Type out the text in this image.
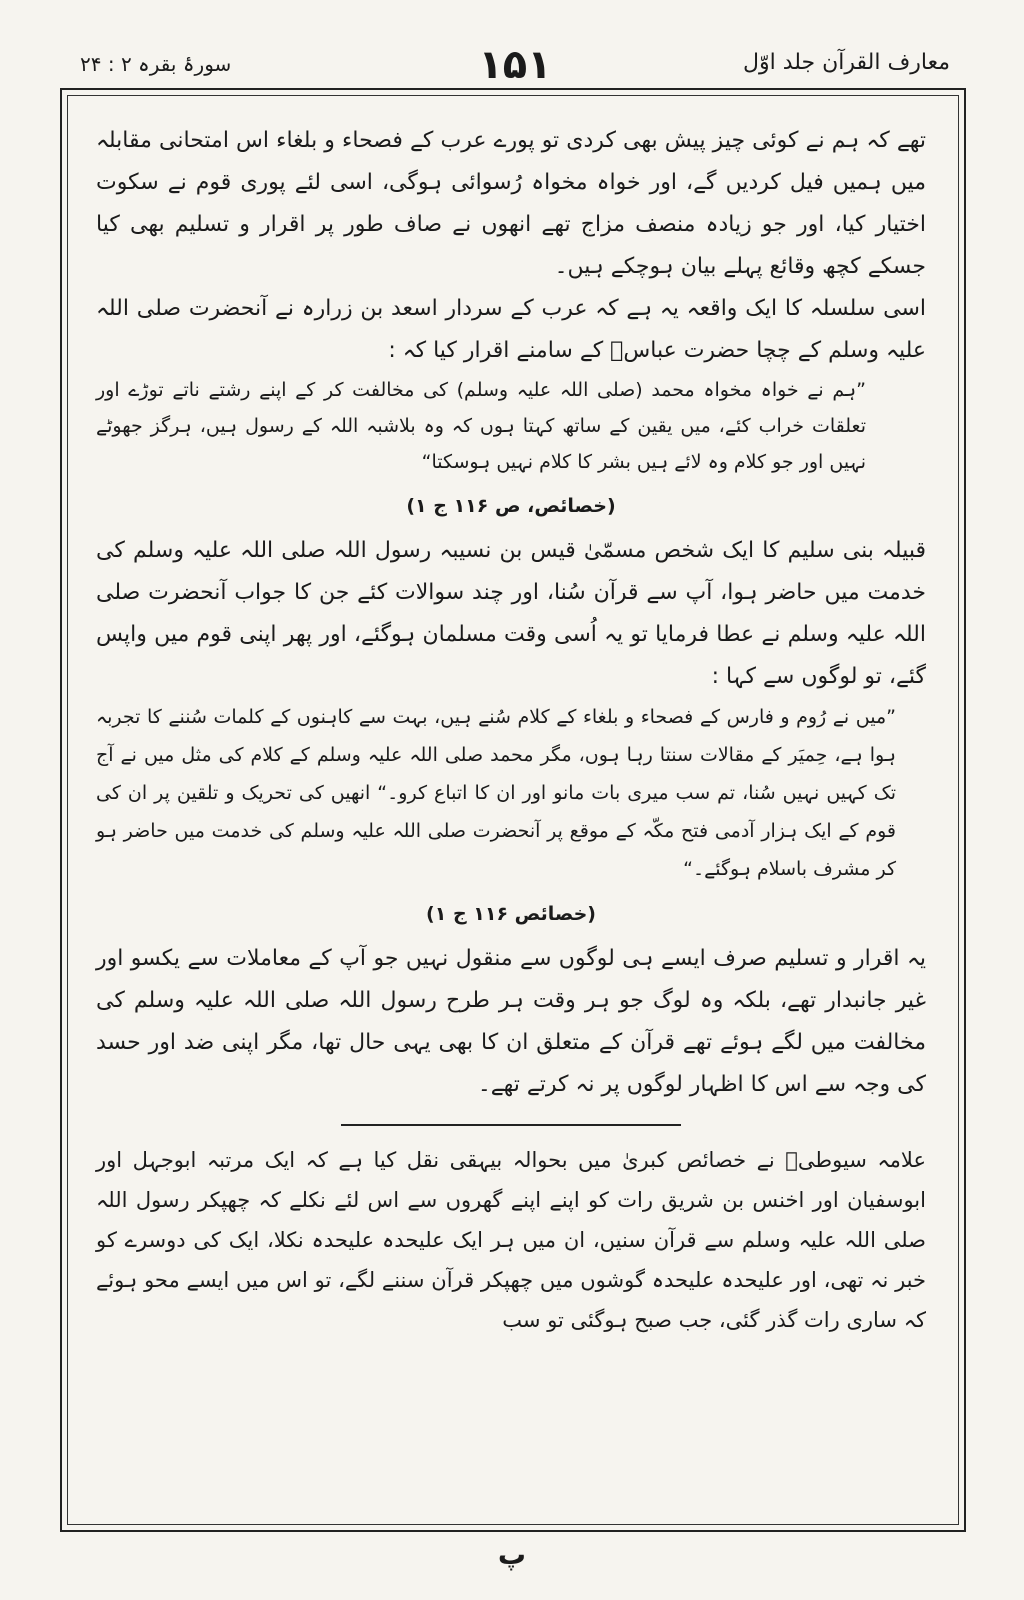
سورۂ بقرہ ۲ : ۲۴	۱۵۱	معارف القرآن جلد اوّل

تھے کہ ہم نے کوئی چیز پیش بھی کردی تو پورے عرب کے فصحاء و بلغاء اس امتحانی مقابلہ میں ہمیں فیل کردیں گے، اور خواہ مخواہ رُسوائی ہوگی، اسی لئے پوری قوم نے سکوت اختیار کیا، اور جو زیادہ منصف مزاج تھے انھوں نے صاف طور پر اقرار و تسلیم بھی کیا جسکے کچھ وقائع پہلے بیان ہوچکے ہیں۔

اسی سلسلہ کا ایک واقعہ یہ ہے کہ عرب کے سردار اسعد بن زرارہ نے آنحضرت صلی اللہ علیہ وسلم کے چچا حضرت عباسؓ کے سامنے اقرار کیا کہ :

”ہم نے خواہ مخواہ محمد (صلی اللہ علیہ وسلم) کی مخالفت کر کے اپنے رشتے ناتے توڑے اور تعلقات خراب کئے، میں یقین کے ساتھ کہتا ہوں کہ وہ بلاشبہ اللہ کے رسول ہیں، ہرگز جھوٹے نہیں اور جو کلام وہ لائے ہیں بشر کا کلام نہیں ہوسکتا“

(خصائص، ص ۱۱۶ ج ۱)

قبیلہ بنی سلیم کا ایک شخص مسمّیٰ قیس بن نسیبہ رسول اللہ صلی اللہ علیہ وسلم کی خدمت میں حاضر ہوا، آپ سے قرآن سُنا، اور چند سوالات کئے جن کا جواب آنحضرت صلی اللہ علیہ وسلم نے عطا فرمایا تو یہ اُسی وقت مسلمان ہوگئے، اور پھر اپنی قوم میں واپس گئے، تو لوگوں سے کہا :

”میں نے رُوم و فارس کے فصحاء و بلغاء کے کلام سُنے ہیں، بہت سے کاہنوں کے کلمات سُننے کا تجربہ ہوا ہے، حِمیَر کے مقالات سنتا رہا ہوں، مگر محمد صلی اللہ علیہ وسلم کے کلام کی مثل میں نے آج تک کہیں نہیں سُنا، تم سب میری بات مانو اور ان کا اتباع کرو۔“ انھیں کی تحریک و تلقین پر ان کی قوم کے ایک ہزار آدمی فتح مکّہ کے موقع پر آنحضرت صلی اللہ علیہ وسلم کی خدمت میں حاضر ہو کر مشرف باسلام ہوگئے۔“

(خصائص ۱۱۶ ج ۱)

یہ اقرار و تسلیم صرف ایسے ہی لوگوں سے منقول نہیں جو آپ کے معاملات سے یکسو اور غیر جانبدار تھے، بلکہ وہ لوگ جو ہر وقت ہر طرح رسول اللہ صلی اللہ علیہ وسلم کی مخالفت میں لگے ہوئے تھے قرآن کے متعلق ان کا بھی یہی حال تھا، مگر اپنی ضد اور حسد کی وجہ سے اس کا اظہار لوگوں پر نہ کرتے تھے۔

علامہ سیوطیؒ نے خصائص کبریٰ میں بحوالہ بیہقی نقل کیا ہے کہ ایک مرتبہ ابوجہل اور ابوسفیان اور اخنس بن شریق رات کو اپنے اپنے گھروں سے اس لئے نکلے کہ چھپکر رسول اللہ صلی اللہ علیہ وسلم سے قرآن سنیں، ان میں ہر ایک علیحدہ علیحدہ نکلا، ایک کی دوسرے کو خبر نہ تھی، اور علیحدہ علیحدہ گوشوں میں چھپکر قرآن سننے لگے، تو اس میں ایسے محو ہوئے کہ ساری رات گذر گئی، جب صبح ہوگئی تو سب

پ
